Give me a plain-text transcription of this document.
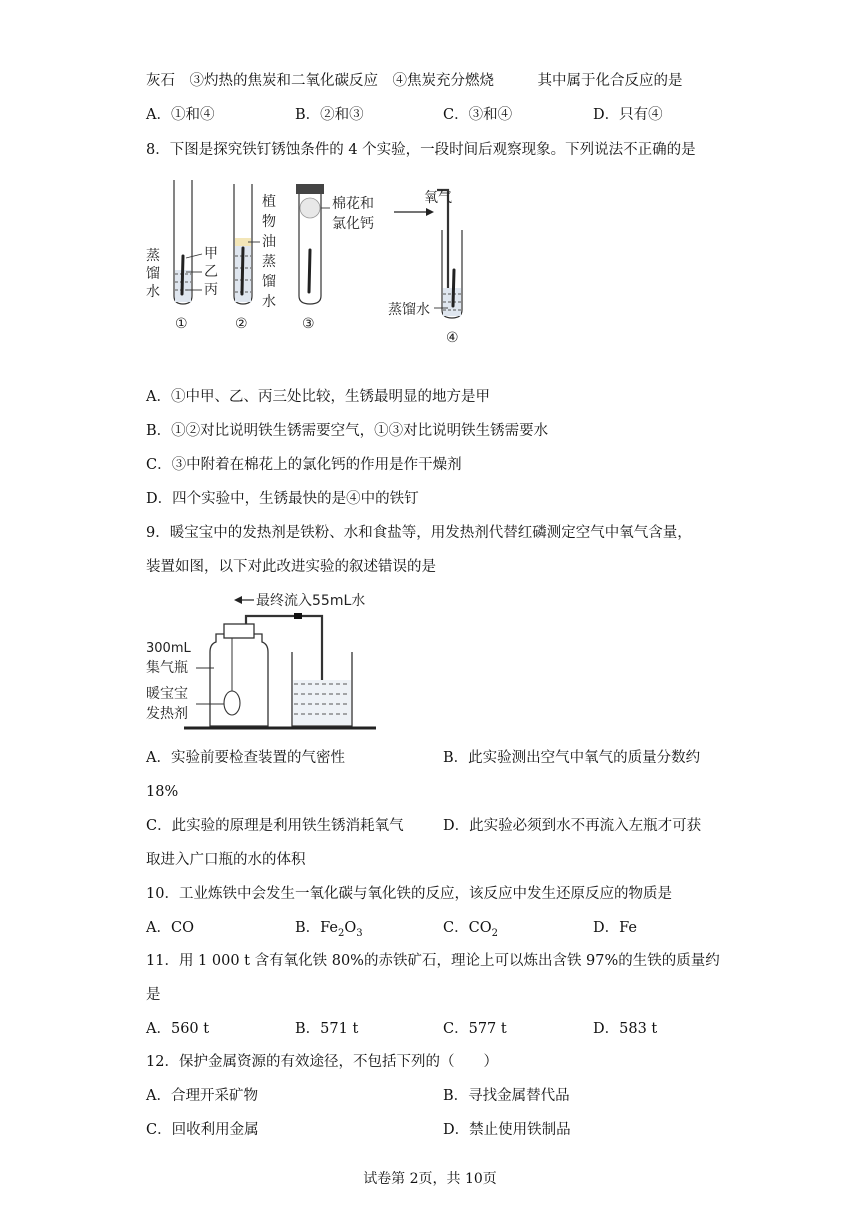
灰石　③灼热的焦炭和二氧化碳反应　④焦炭充分燃烧　　　其中属于化合反应的是
A．①和④	B．②和③	C．③和④	D．只有④
8．下图是探究铁钉锈蚀条件的 4 个实验，一段时间后观察现象。下列说法不正确的是
蒸
馏
水
甲
乙
丙
植
物
油
蒸
馏
水
棉花和
氯化钙
氧气
蒸馏水
①	②	③
④
A．①中甲、乙、丙三处比较，生锈最明显的地方是甲
B．①②对比说明铁生锈需要空气，①③对比说明铁生锈需要水
C．③中附着在棉花上的氯化钙的作用是作干燥剂
D．四个实验中，生锈最快的是④中的铁钉
9．暖宝宝中的发热剂是铁粉、水和食盐等，用发热剂代替红磷测定空气中氧气含量，
装置如图，以下对此改进实验的叙述错误的是
最终流入55mL水
300mL
集气瓶
暖宝宝
发热剂
A．实验前要检查装置的气密性	B．此实验测出空气中氧气的质量分数约
18%
C．此实验的原理是利用铁生锈消耗氧气	D．此实验必须到水不再流入左瓶才可获
取进入广口瓶的水的体积
10．工业炼铁中会发生一氧化碳与氧化铁的反应，该反应中发生还原反应的物质是
A．CO	B．$Fe_2O_3$	C．$CO_2$	D．Fe
11．用 1 000 t 含有氧化铁 80%的赤铁矿石，理论上可以炼出含铁 97%的生铁的质量约
是
A．560 t	B．571 t	C．577 t	D．583 t
12．保护金属资源的有效途径，不包括下列的（　　）
A．合理开采矿物	B．寻找金属替代品
C．回收利用金属	D．禁止使用铁制品
试卷第 2页，共 10页
